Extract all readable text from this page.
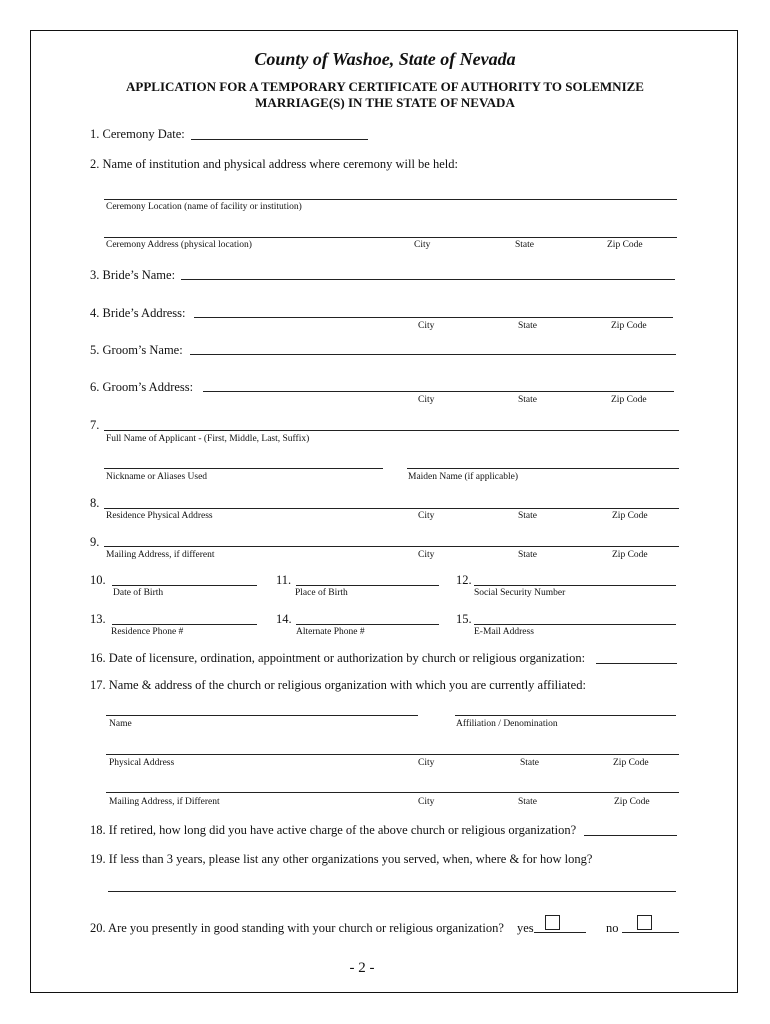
County of Washoe, State of Nevada
APPLICATION FOR A TEMPORARY CERTIFICATE OF AUTHORITY TO SOLEMNIZE
MARRIAGE(S) IN THE STATE OF NEVADA
1. Ceremony Date:
2. Name of institution and physical address where ceremony will be held:
Ceremony Location (name of facility or institution)
Ceremony Address (physical location)	City	State	Zip Code
3. Bride’s Name:
4. Bride’s Address:
City	State	Zip Code
5. Groom’s Name:
6. Groom’s Address:
City	State	Zip Code
7.
Full Name of Applicant - (First, Middle, Last, Suffix)
Nickname or Aliases Used	Maiden Name (if applicable)
8.
Residence Physical Address	City	State	Zip Code
9.
Mailing Address, if different	City	State	Zip Code
10.
Date of Birth
11.
Place of Birth
12.
Social Security Number
13.
Residence Phone #
14.
Alternate Phone #
15.
E-Mail Address
16. Date of licensure, ordination, appointment or authorization by church or religious organization:
17. Name & address of the church or religious organization with which you are currently affiliated:
Name	Affiliation / Denomination
Physical Address	City	State	Zip Code
Mailing Address, if Different	City	State	Zip Code
18. If retired, how long did you have active charge of the above church or religious organization?
19. If less than 3 years, please list any other organizations you served, when, where & for how long?
20. Are you presently in good standing with your church or religious organization? yes	no
- 2 -
